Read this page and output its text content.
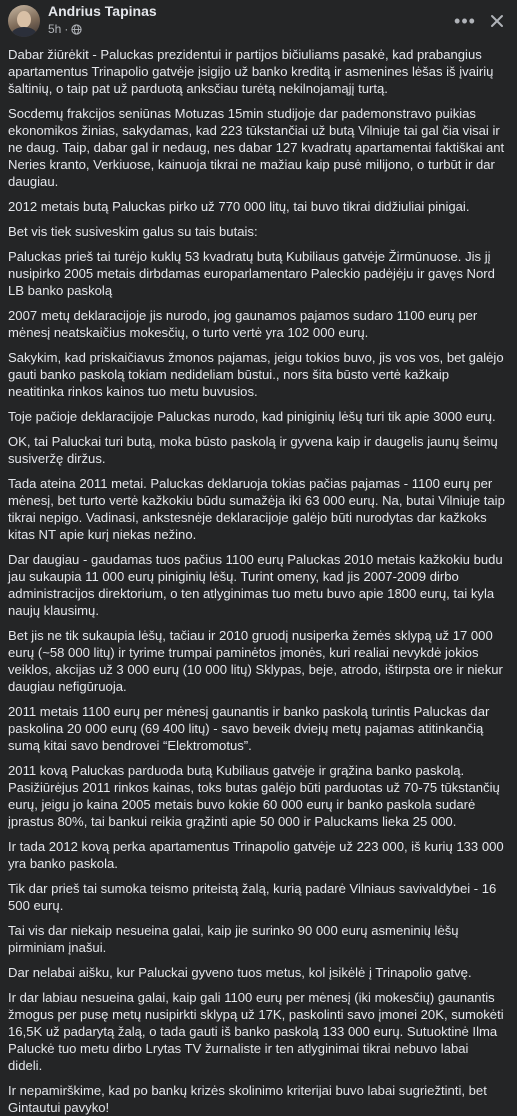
Andrius Tapinas
5h ·	•••

Dabar žiūrėkit - Paluckas prezidentui ir partijos bičiuliams pasakė, kad prabangius apartamentus Trinapolio gatvėje įsigijo už banko kreditą ir asmenines lėšas iš įvairių šaltinių, o taip pat už parduotą anksčiau turėtą nekilnojamąjį turtą.

Socdemų frakcijos seniūnas Motuzas 15min studijoje dar pademonstravo puikias ekonomikos žinias, sakydamas, kad 223 tūkstančiai už butą Vilniuje tai gal čia visai ir ne daug. Taip, dabar gal ir nedaug, nes dabar 127 kvadratų apartamentai faktiškai ant Neries kranto, Verkiuose, kainuoja tikrai ne mažiau kaip pusė milijono, o turbūt ir dar daugiau.

2012 metais butą Paluckas pirko už 770 000 litų, tai buvo tikrai didžiuliai pinigai.

Bet vis tiek susiveskim galus su tais butais:

Paluckas prieš tai turėjo kuklų 53 kvadratų butą Kubiliaus gatvėje Žirmūnuose. Jis jį nusipirko 2005 metais dirbdamas europarlamentaro Paleckio padėjėju ir gavęs Nord LB banko paskolą

2007 metų deklaracijoje jis nurodo, jog gaunamos pajamos sudaro 1100 eurų per mėnesį neatskaičius mokesčių, o turto vertė yra 102 000 eurų.

Sakykim, kad priskaičiavus žmonos pajamas, jeigu tokios buvo, jis vos vos, bet galėjo gauti banko paskolą tokiam nedideliam būstui., nors šita būsto vertė kažkaip neatitinka rinkos kainos tuo metu buvusios.

Toje pačioje deklaracijoje Paluckas nurodo, kad piniginių lėšų turi tik apie 3000 eurų.

OK, tai Paluckai turi butą, moka būsto paskolą ir gyvena kaip ir daugelis jaunų šeimų susiveržę diržus.

Tada ateina 2011 metai. Paluckas deklaruoja tokias pačias pajamas - 1100 eurų per mėnesį, bet turto vertė kažkokiu būdu sumažėja iki 63 000 eurų. Na, butai Vilniuje taip tikrai nepigo. Vadinasi, ankstesnėje deklaracijoje galėjo būti nurodytas dar kažkoks kitas NT apie kurį niekas nežino.

Dar daugiau - gaudamas tuos pačius 1100 eurų Paluckas 2010 metais kažkokiu budu jau sukaupia 11 000 eurų piniginių lėšų. Turint omeny, kad jis 2007-2009 dirbo administracijos direktorium, o ten atlyginimas tuo metu buvo apie 1800 eurų, tai kyla naujų klausimų.

Bet jis ne tik sukaupia lėšų, tačiau ir 2010 gruodį nusiperka žemės sklypą už 17 000 eurų (~58 000 litų) ir tyrime trumpai paminėtos įmonės, kuri realiai nevykdė jokios veiklos, akcijas už 3 000 eurų (10 000 litų) Sklypas, beje, atrodo, ištirpsta ore ir niekur daugiau nefigūruoja.

2011 metais 1100 eurų per mėnesį gaunantis ir banko paskolą turintis Paluckas dar paskolina 20 000 eurų (69 400 litų) - savo beveik dviejų metų pajamas atitinkančią sumą kitai savo bendrovei “Elektromotus”.

2011 kovą Paluckas parduoda butą Kubiliaus gatvėje ir grąžina banko paskolą. Pasižiūrėjus 2011 rinkos kainas, toks butas galėjo būti parduotas už 70-75 tūkstančių eurų, jeigu jo kaina 2005 metais buvo kokie 60 000 eurų ir banko paskola sudarė įprastus 80%, tai bankui reikia grąžinti apie 50 000 ir Paluckams lieka 25 000.

Ir tada 2012 kovą perka apartamentus Trinapolio gatvėje už 223 000, iš kurių 133 000 yra banko paskola.

Tik dar prieš tai sumoka teismo priteistą žalą, kurią padarė Vilniaus savivaldybei - 16 500 eurų.

Tai vis dar niekaip nesueina galai, kaip jie surinko 90 000 eurų asmeninių lėšų pirminiam įnašui.

Dar nelabai aišku, kur Paluckai gyveno tuos metus, kol įsikėlė į Trinapolio gatvę.

Ir dar labiau nesueina galai, kaip gali 1100 eurų per mėnesį (iki mokesčių) gaunantis žmogus per pusę metų nusipirkti sklypą už 17K, paskolinti savo įmonei 20K, sumokėti 16,5K už padarytą žalą, o tada gauti iš banko paskolą 133 000 eurų. Sutuoktinė Ilma Paluckė tuo metu dirbo Lrytas TV žurnaliste ir ten atlyginimai tikrai nebuvo labai dideli.

Ir nepamirškime, kad po bankų krizės skolinimo kriterijai buvo labai sugriežtinti, bet Gintautui pavyko!
